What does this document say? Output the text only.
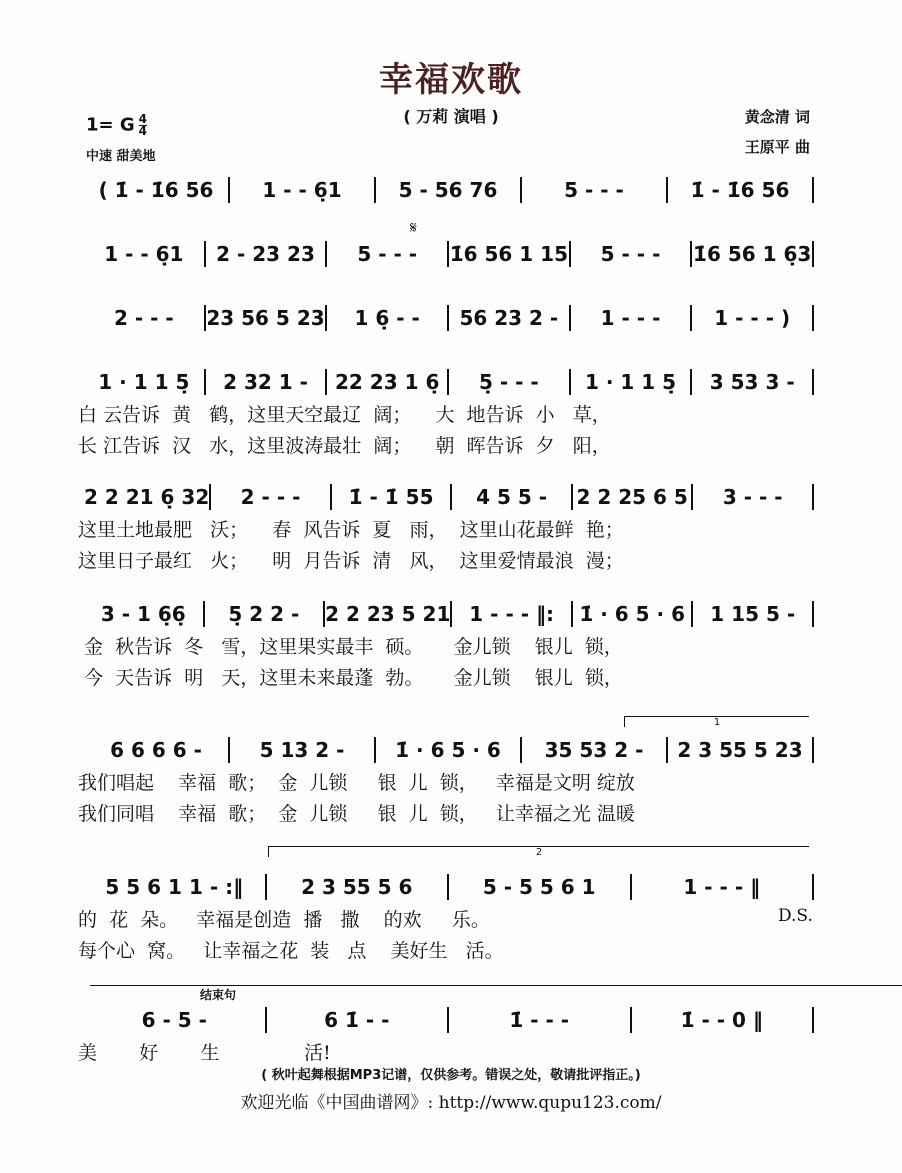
幸福欢歌
( 万莉 演唱 )
1= G $\frac{4}{4}$
中速 甜美地
黄念清 词
王原平 曲
𝄋
1
2
结束句
D.S.
( 1̇ - 1̇6 56	1 - - 6̣1	5 - 56 76	5 - - -	1̇ - 1̇6 56
1 - - 6̣1	2 - 23 23	5 - - -	1̇6 56 1 15	5 - - -	1̇6 56 1 6̣3
2 - - -	23 56 5 23	1 6̣ - -	56 23 2 -	1 - - -	1 - - - )
1 · 1 1 5̣	2 32 1 -	22 23 1 6̣	5̣ - - -	1 · 1 1 5̣	3 53 3 -
白 云告诉  黄   鹤，这里天空最辽  阔；    大  地告诉  小   草，
长 江告诉  汉   水，这里波涛最壮  阔；    朝  晖告诉  夕   阳，
2 2 21 6̣ 32	2 - - -	1̇ - 1̇ 55	4 5 5 -	2 2 25 6 5	3 - - -
这里土地最肥   沃；    春  风告诉  夏   雨，  这里山花最鲜  艳；
这里日子最红   火；    明  月告诉  清   风，  这里爱情最浪  漫；
3 - 1 6̣6̣	5̣ 2 2 -	2 2 23 5 21 1 - - - ‖:	1̇ · 6 5 · 6	1 15 5 -
金  秋告诉  冬   雪，这里果实最丰  硕。     金儿锁    银儿  锁，
今  天告诉  明   天，这里未来最蓬  勃。     金儿锁    银儿  锁，
6 6 6 6 -	5 13 2 -	1̇ · 6 5 · 6	35 53 2 -	2 3 55 5 23
我们唱起    幸福  歌；  金  儿锁     银  儿  锁，   幸福是文明 绽放
我们同唱    幸福  歌；  金  儿锁     银  儿  锁，   让幸福之光 温暖
5 5 6 1 1 - :‖	2 3 55 5 6	5 - 5 5 6 1	1 - - - ‖
的  花  朵。   幸福是创造  播   撒    的欢     乐。
每个心  窝。   让幸福之花  装   点    美好生   活。
6 - 5 -	6 1̇ - -	1̇ - - -	1̇ - - 0 ‖
美       好       生              活!
( 秋叶起舞根据MP3记谱，仅供参考。错误之处，敬请批评指正。)
欢迎光临《中国曲谱网》: http://www.qupu123.com/
